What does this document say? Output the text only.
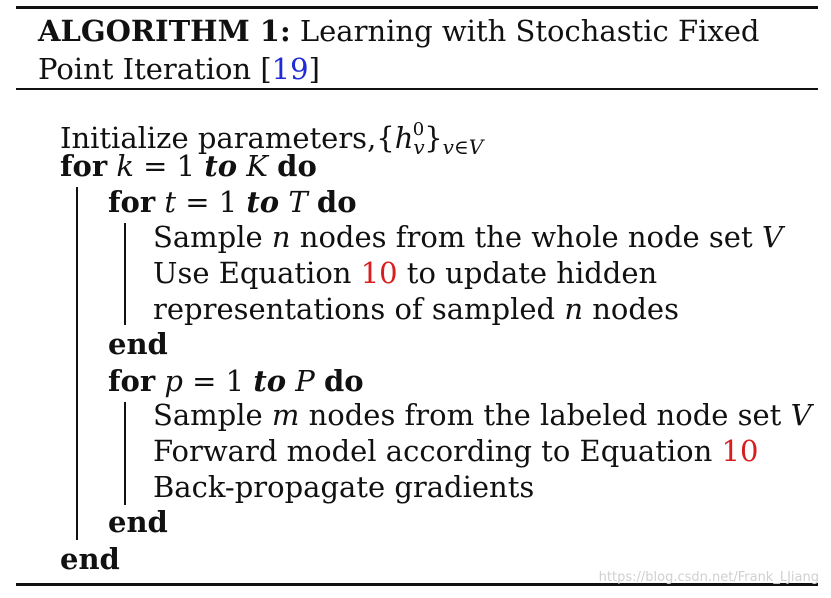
ALGORITHM 1: Learning with Stochastic Fixed Point Iteration [19]
Initialize $parameters,\{h_v^0\}_{v\in V}$
for k = 1 to K do
for t = 1 to T do
Sample n nodes from the whole node set V
Use Equation 10 to update hidden
representations of sampled n nodes
end
for p = 1 to P do
Sample m nodes from the labeled node set V
Forward model according to Equation 10
Back-propagate gradients
end
end
https://blog.csdn.net/Frank_LJiang
